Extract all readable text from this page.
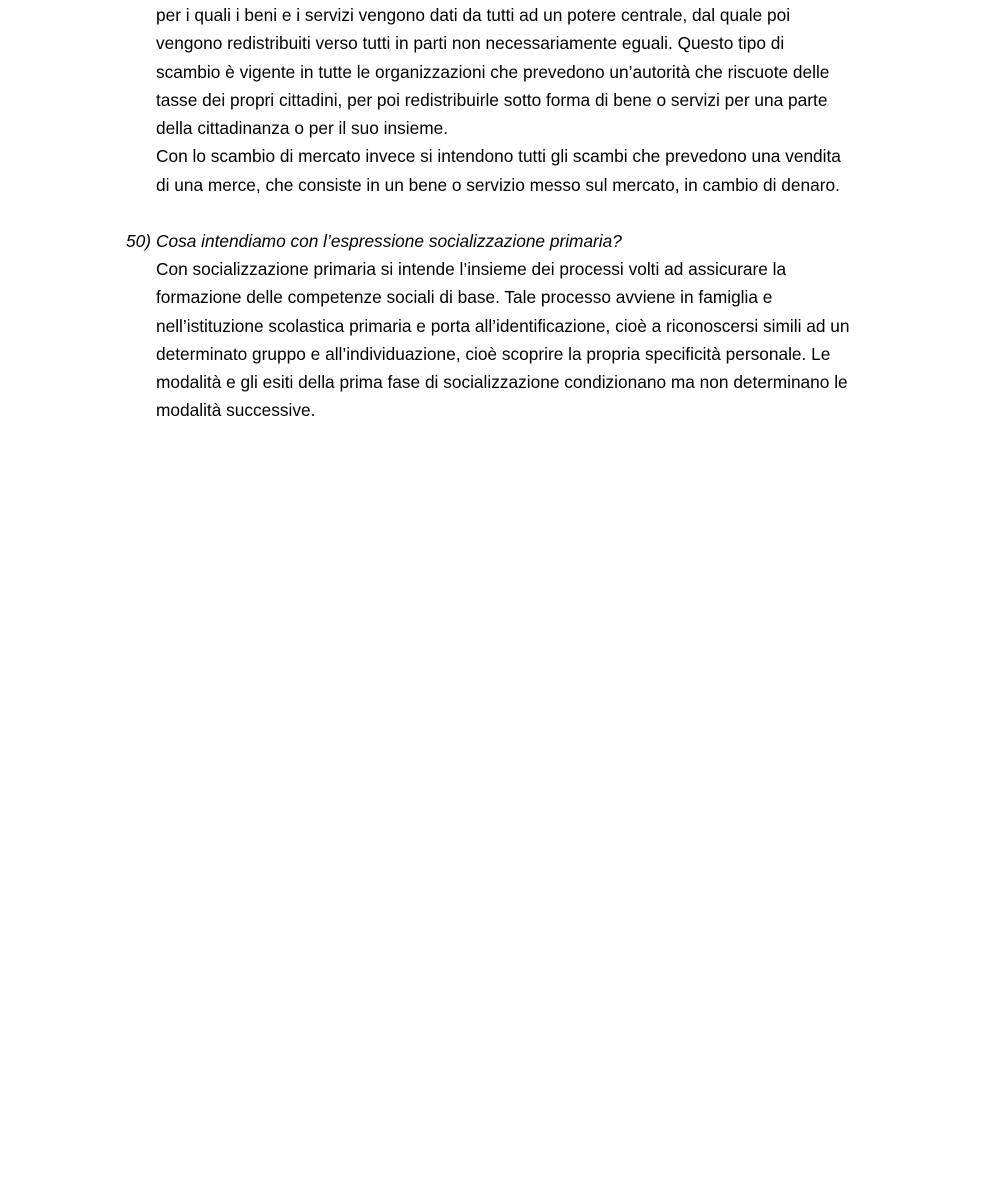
per i quali i beni e i servizi vengono dati da tutti ad un potere centrale, dal quale poi
vengono redistribuiti verso tutti in parti non necessariamente eguali. Questo tipo di
scambio è vigente in tutte le organizzazioni che prevedono un’autorità che riscuote delle
tasse dei propri cittadini, per poi redistribuirle sotto forma di bene o servizi per una parte
della cittadinanza o per il suo insieme.
Con lo scambio di mercato invece si intendono tutti gli scambi che prevedono una vendita
di una merce, che consiste in un bene o servizio messo sul mercato, in cambio di denaro.
50) Cosa intendiamo con l’espressione socializzazione primaria?
Con socializzazione primaria si intende l’insieme dei processi volti ad assicurare la
formazione delle competenze sociali di base. Tale processo avviene in famiglia e
nell’istituzione scolastica primaria e porta all’identificazione, cioè a riconoscersi simili ad un
determinato gruppo e all’individuazione, cioè scoprire la propria specificità personale. Le
modalità e gli esiti della prima fase di socializzazione condizionano ma non determinano le
modalità successive.
